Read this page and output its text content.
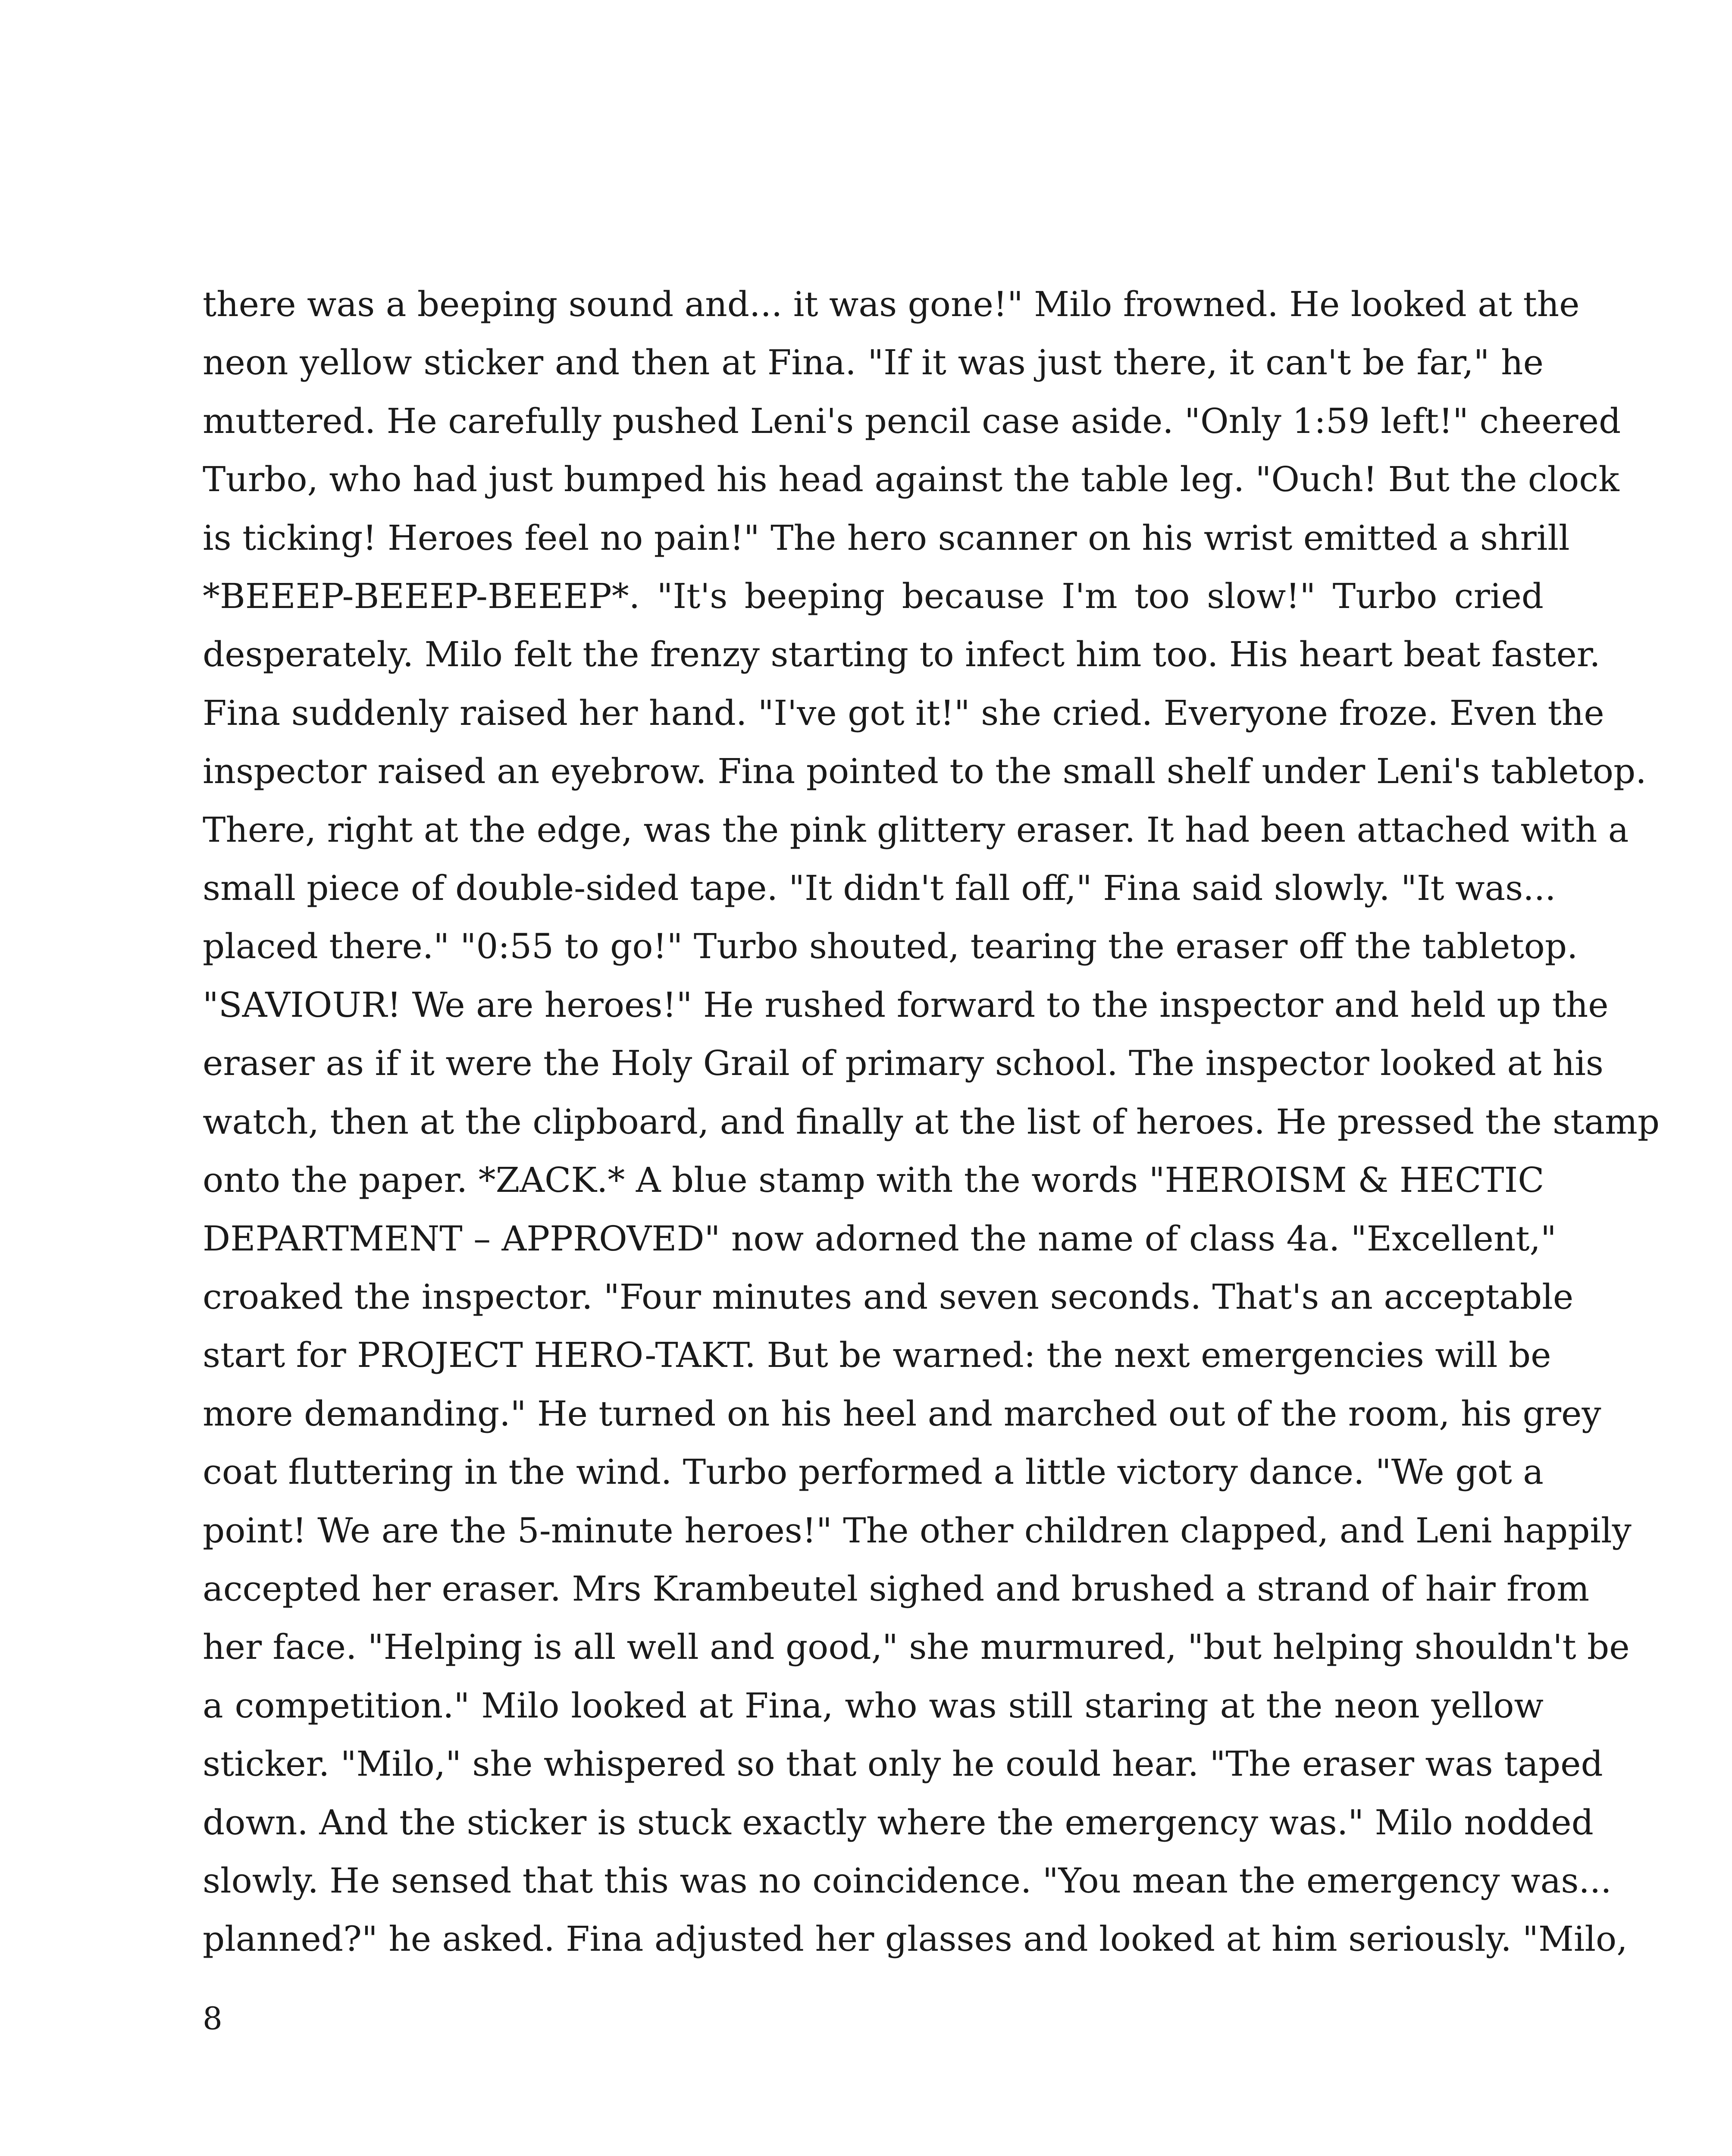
there was a beeping sound and... it was gone!" Milo frowned. He looked at the
neon yellow sticker and then at Fina. "If it was just there, it can't be far," he
muttered. He carefully pushed Leni's pencil case aside. "Only 1:59 left!" cheered
Turbo, who had just bumped his head against the table leg. "Ouch! But the clock
is ticking! Heroes feel no pain!" The hero scanner on his wrist emitted a shrill
*BEEEP-BEEEP-BEEEP*. "It's beeping because I'm too slow!" Turbo cried
desperately. Milo felt the frenzy starting to infect him too. His heart beat faster.
Fina suddenly raised her hand. "I've got it!" she cried. Everyone froze. Even the
inspector raised an eyebrow. Fina pointed to the small shelf under Leni's tabletop.
There, right at the edge, was the pink glittery eraser. It had been attached with a
small piece of double-sided tape. "It didn't fall off," Fina said slowly. "It was...
placed there." "0:55 to go!" Turbo shouted, tearing the eraser off the tabletop.
"SAVIOUR! We are heroes!" He rushed forward to the inspector and held up the
eraser as if it were the Holy Grail of primary school. The inspector looked at his
watch, then at the clipboard, and finally at the list of heroes. He pressed the stamp
onto the paper. *ZACK.* A blue stamp with the words "HEROISM & HECTIC
DEPARTMENT – APPROVED" now adorned the name of class 4a. "Excellent,"
croaked the inspector. "Four minutes and seven seconds. That's an acceptable
start for PROJECT HERO-TAKT. But be warned: the next emergencies will be
more demanding." He turned on his heel and marched out of the room, his grey
coat fluttering in the wind. Turbo performed a little victory dance. "We got a
point! We are the 5-minute heroes!" The other children clapped, and Leni happily
accepted her eraser. Mrs Krambeutel sighed and brushed a strand of hair from
her face. "Helping is all well and good," she murmured, "but helping shouldn't be
a competition." Milo looked at Fina, who was still staring at the neon yellow
sticker. "Milo," she whispered so that only he could hear. "The eraser was taped
down. And the sticker is stuck exactly where the emergency was." Milo nodded
slowly. He sensed that this was no coincidence. "You mean the emergency was...
planned?" he asked. Fina adjusted her glasses and looked at him seriously. "Milo,
8
